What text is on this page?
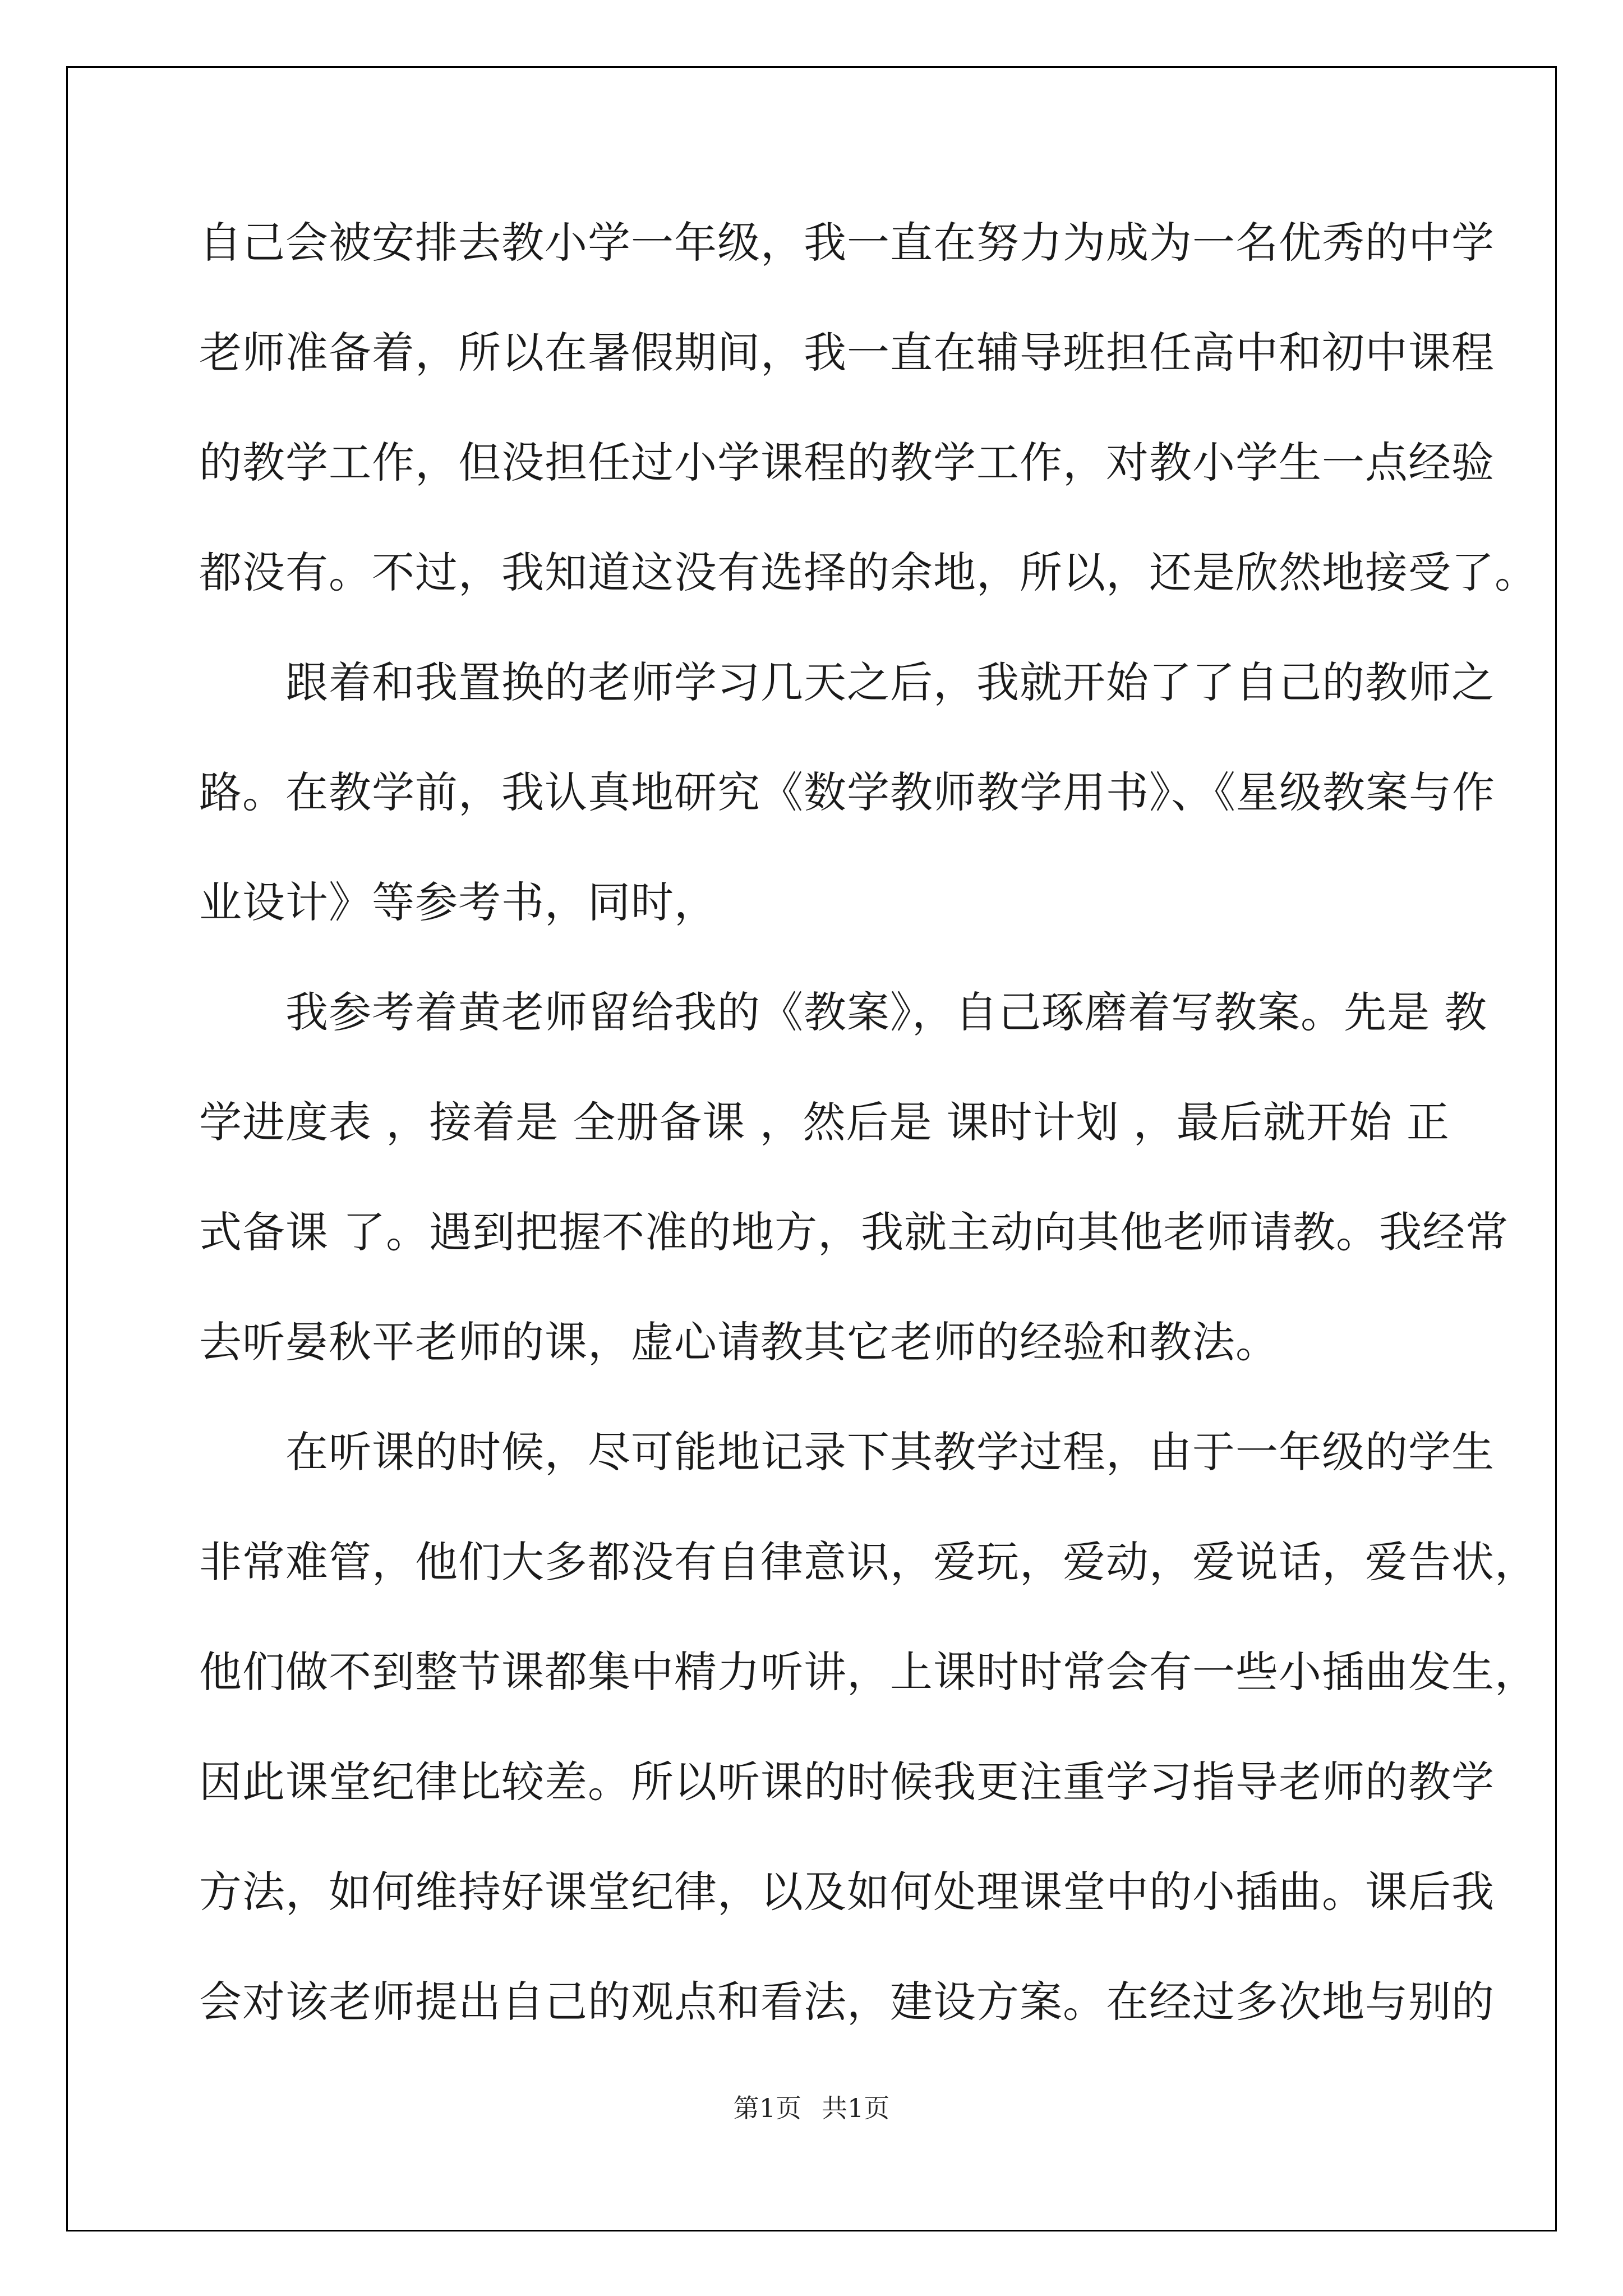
自己会被安排去教小学一年级，我一直在努力为成为一名优秀的中学
老师准备着，所以在暑假期间，我一直在辅导班担任高中和初中课程
的教学工作，但没担任过小学课程的教学工作，对教小学生一点经验
都没有。不过，我知道这没有选择的余地，所以，还是欣然地接受了。
　　跟着和我置换的老师学习几天之后，我就开始了了自己的教师之
路。在教学前，我认真地研究《数学教师教学用书》、《星级教案与作
业设计》等参考书，同时，
　　我参考着黄老师留给我的《教案》，自己琢磨着写教案。先是 教
学进度表 ，接着是 全册备课 ，然后是 课时计划 ，最后就开始 正
式备课 了。遇到把握不准的地方，我就主动向其他老师请教。我经常
去听晏秋平老师的课，虚心请教其它老师的经验和教法。
　　在听课的时候，尽可能地记录下其教学过程，由于一年级的学生
非常难管，他们大多都没有自律意识，爱玩，爱动，爱说话，爱告状，
他们做不到整节课都集中精力听讲，上课时时常会有一些小插曲发生，
因此课堂纪律比较差。所以听课的时候我更注重学习指导老师的教学
方法，如何维持好课堂纪律，以及如何处理课堂中的小插曲。课后我
会对该老师提出自己的观点和看法，建设方案。在经过多次地与别的
第1页 共1页
